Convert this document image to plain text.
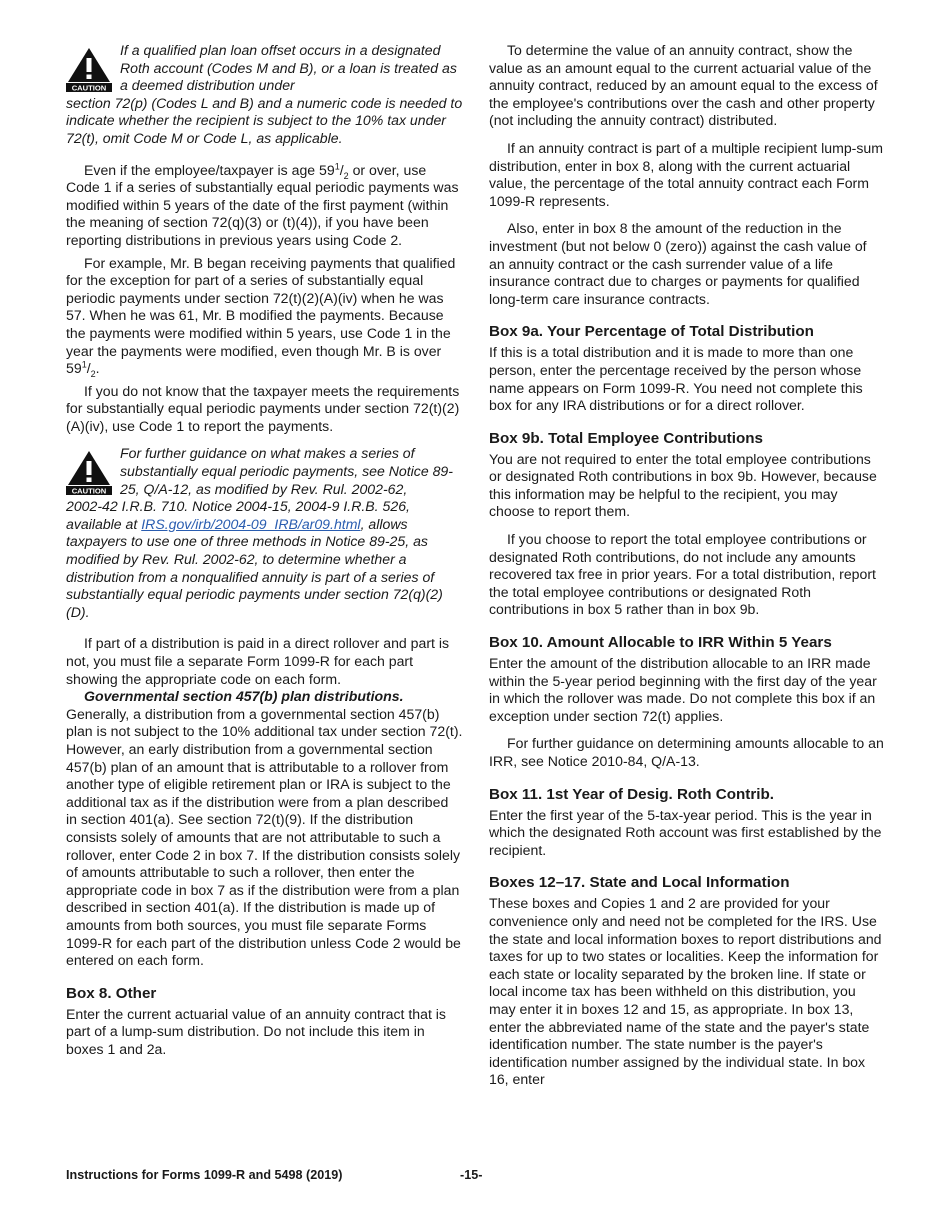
CAUTION

If a qualified plan loan offset occurs in a designated Roth account (Codes M and B), or a loan is treated as a deemed distribution under

section 72(p) (Codes L and B) and a numeric code is needed to indicate whether the recipient is subject to the 10% tax under 72(t), omit Code M or Code L, as applicable.

Even if the employee/taxpayer is age $59^1/_2$ or over, use Code 1 if a series of substantially equal periodic payments was modified within 5 years of the date of the first payment (within the meaning of section 72(q)(3) or (t)(4)), if you have been reporting distributions in previous years using Code 2.

For example, Mr. B began receiving payments that qualified for the exception for part of a series of substantially equal periodic payments under section 72(t)(2)(A)(iv) when he was 57. When he was 61, Mr. B modified the payments. Because the payments were modified within 5 years, use Code 1 in the year the payments were modified, even though Mr. B is over $59^1/_2$.

If you do not know that the taxpayer meets the requirements for substantially equal periodic payments under section 72(t)(2)(A)(iv), use Code 1 to report the payments.

CAUTION

For further guidance on what makes a series of substantially equal periodic payments, see Notice 89-25, Q/A-12, as modified by Rev. Rul. 2002-62,

2002-42 I.R.B. 710. Notice 2004-15, 2004-9 I.R.B. 526, available at IRS.gov/irb/2004-09_IRB/ar09.html, allows taxpayers to use one of three methods in Notice 89-25, as modified by Rev. Rul. 2002-62, to determine whether a distribution from a nonqualified annuity is part of a series of substantially equal periodic payments under section 72(q)(2)(D).

If part of a distribution is paid in a direct rollover and part is not, you must file a separate Form 1099-R for each part showing the appropriate code on each form.

Governmental section 457(b) plan distributions. Generally, a distribution from a governmental section 457(b) plan is not subject to the 10% additional tax under section 72(t). However, an early distribution from a governmental section 457(b) plan of an amount that is attributable to a rollover from another type of eligible retirement plan or IRA is subject to the additional tax as if the distribution were from a plan described in section 401(a). See section 72(t)(9). If the distribution consists solely of amounts that are not attributable to such a rollover, enter Code 2 in box 7. If the distribution consists solely of amounts attributable to such a rollover, then enter the appropriate code in box 7 as if the distribution were from a plan described in section 401(a). If the distribution is made up of amounts from both sources, you must file separate Forms 1099-R for each part of the distribution unless Code 2 would be entered on each form.

Box 8. Other

Enter the current actuarial value of an annuity contract that is part of a lump-sum distribution. Do not include this item in boxes 1 and 2a.

To determine the value of an annuity contract, show the value as an amount equal to the current actuarial value of the annuity contract, reduced by an amount equal to the excess of the employee's contributions over the cash and other property (not including the annuity contract) distributed.

If an annuity contract is part of a multiple recipient lump-sum distribution, enter in box 8, along with the current actuarial value, the percentage of the total annuity contract each Form 1099-R represents.

Also, enter in box 8 the amount of the reduction in the investment (but not below 0 (zero)) against the cash value of an annuity contract or the cash surrender value of a life insurance contract due to charges or payments for qualified long-term care insurance contracts.

Box 9a. Your Percentage of Total Distribution

If this is a total distribution and it is made to more than one person, enter the percentage received by the person whose name appears on Form 1099-R. You need not complete this box for any IRA distributions or for a direct rollover.

Box 9b. Total Employee Contributions

You are not required to enter the total employee contributions or designated Roth contributions in box 9b. However, because this information may be helpful to the recipient, you may choose to report them.

If you choose to report the total employee contributions or designated Roth contributions, do not include any amounts recovered tax free in prior years. For a total distribution, report the total employee contributions or designated Roth contributions in box 5 rather than in box 9b.

Box 10. Amount Allocable to IRR Within 5 Years

Enter the amount of the distribution allocable to an IRR made within the 5-year period beginning with the first day of the year in which the rollover was made. Do not complete this box if an exception under section 72(t) applies.

For further guidance on determining amounts allocable to an IRR, see Notice 2010-84, Q/A-13.

Box 11. 1st Year of Desig. Roth Contrib.

Enter the first year of the 5-tax-year period. This is the year in which the designated Roth account was first established by the recipient.

Boxes 12–17. State and Local Information

These boxes and Copies 1 and 2 are provided for your convenience only and need not be completed for the IRS. Use the state and local information boxes to report distributions and taxes for up to two states or localities. Keep the information for each state or locality separated by the broken line. If state or local income tax has been withheld on this distribution, you may enter it in boxes 12 and 15, as appropriate. In box 13, enter the abbreviated name of the state and the payer's state identification number. The state number is the payer's identification number assigned by the individual state. In box 16, enter

Instructions for Forms 1099-R and 5498 (2019)	-15-
